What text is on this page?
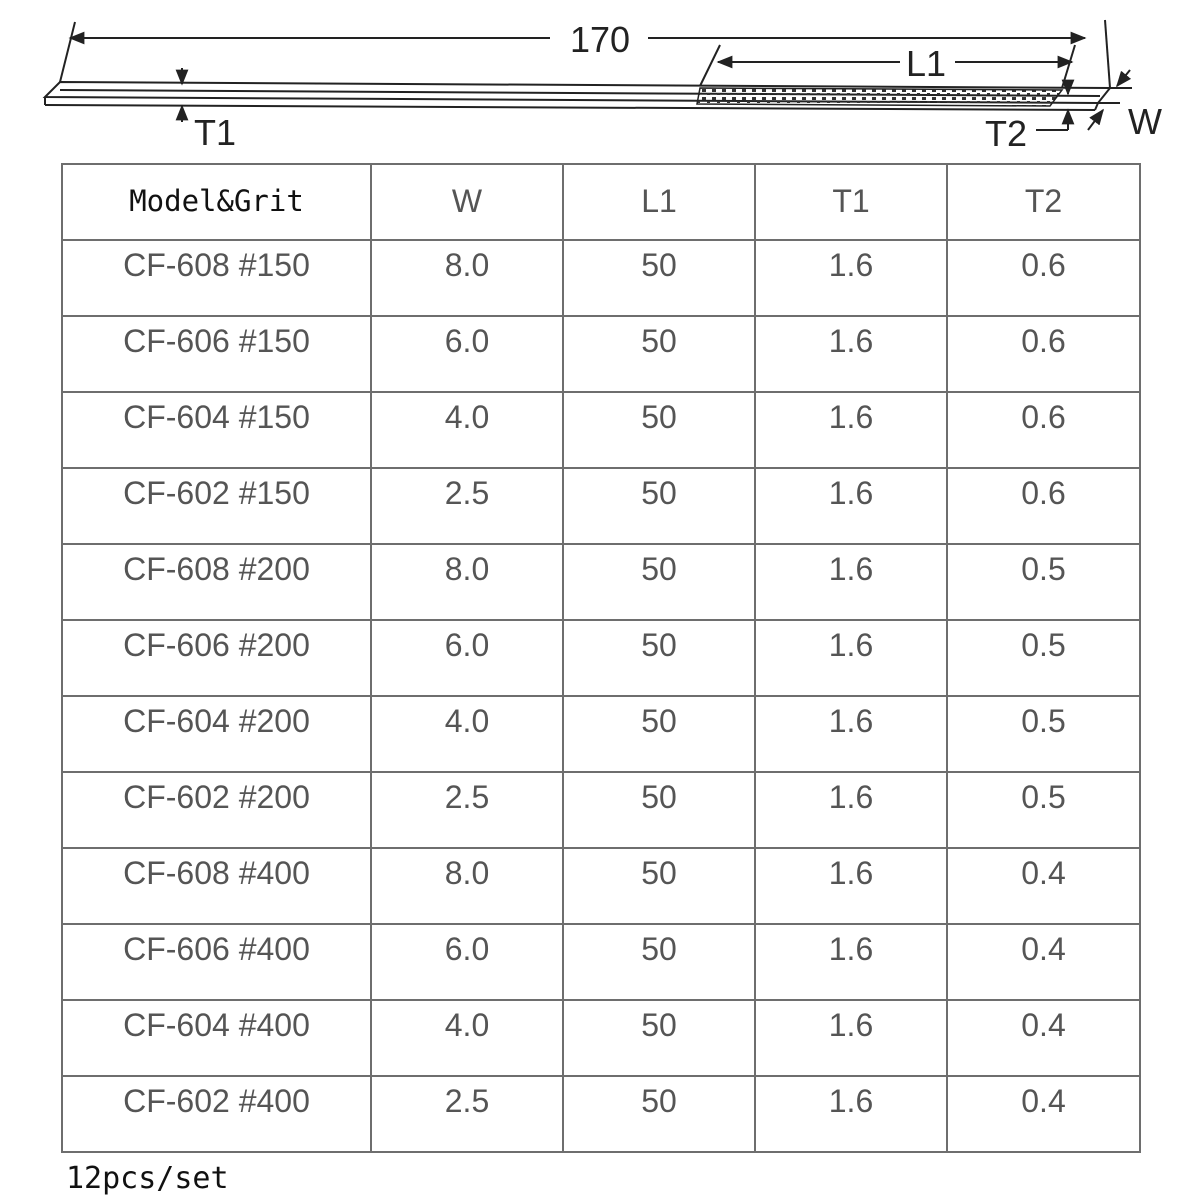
170
L1
T1	T2	W
Model&Grit	W	L1	T1	T2
CF-608 #150	8.0	50	1.6	0.6
CF-606 #150	6.0	50	1.6	0.6
CF-604 #150	4.0	50	1.6	0.6
CF-602 #150	2.5	50	1.6	0.6
CF-608 #200	8.0	50	1.6	0.5
CF-606 #200	6.0	50	1.6	0.5
CF-604 #200	4.0	50	1.6	0.5
CF-602 #200	2.5	50	1.6	0.5
CF-608 #400	8.0	50	1.6	0.4
CF-606 #400	6.0	50	1.6	0.4
CF-604 #400	4.0	50	1.6	0.4
CF-602 #400	2.5	50	1.6	0.4
12pcs/set
